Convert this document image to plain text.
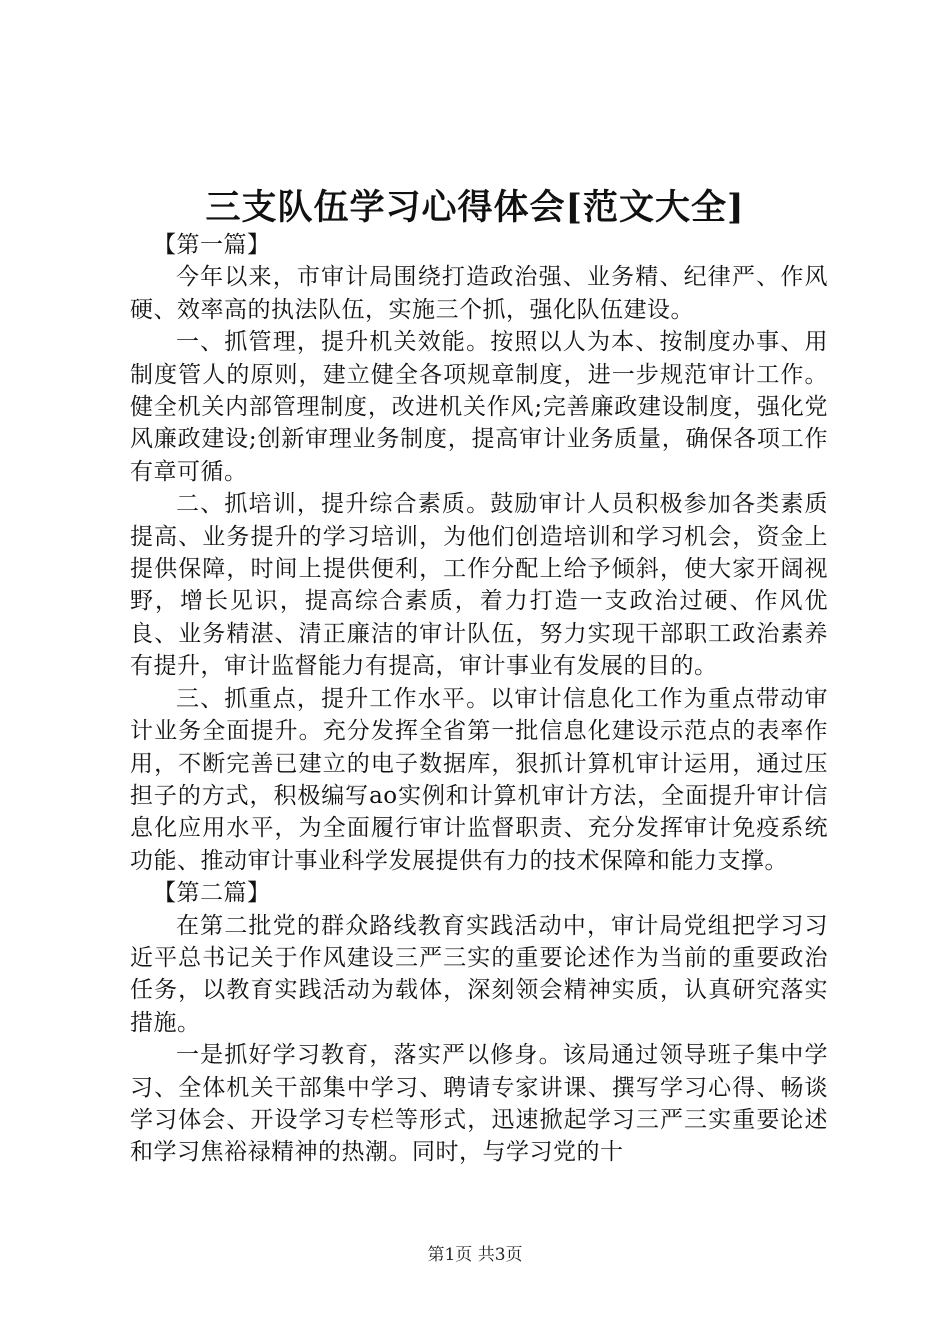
三支队伍学习心得体会[范文大全]

【第一篇】

今年以来，市审计局围绕打造政治强、业务精、纪律严、作风硬、效率高的执法队伍，实施三个抓，强化队伍建设。

一、抓管理，提升机关效能。按照以人为本、按制度办事、用制度管人的原则，建立健全各项规章制度，进一步规范审计工作。健全机关内部管理制度，改进机关作风;完善廉政建设制度，强化党风廉政建设;创新审理业务制度，提高审计业务质量，确保各项工作有章可循。

二、抓培训，提升综合素质。鼓励审计人员积极参加各类素质提高、业务提升的学习培训，为他们创造培训和学习机会，资金上提供保障，时间上提供便利，工作分配上给予倾斜，使大家开阔视野，增长见识，提高综合素质，着力打造一支政治过硬、作风优良、业务精湛、清正廉洁的审计队伍，努力实现干部职工政治素养有提升，审计监督能力有提高，审计事业有发展的目的。

三、抓重点，提升工作水平。以审计信息化工作为重点带动审计业务全面提升。充分发挥全省第一批信息化建设示范点的表率作用，不断完善已建立的电子数据库，狠抓计算机审计运用，通过压担子的方式，积极编写ao实例和计算机审计方法，全面提升审计信息化应用水平，为全面履行审计监督职责、充分发挥审计免疫系统功能、推动审计事业科学发展提供有力的技术保障和能力支撑。

【第二篇】

在第二批党的群众路线教育实践活动中，审计局党组把学习习近平总书记关于作风建设三严三实的重要论述作为当前的重要政治任务，以教育实践活动为载体，深刻领会精神实质，认真研究落实措施。

一是抓好学习教育，落实严以修身。该局通过领导班子集中学习、全体机关干部集中学习、聘请专家讲课、撰写学习心得、畅谈学习体会、开设学习专栏等形式，迅速掀起学习三严三实重要论述和学习焦裕禄精神的热潮。同时，与学习党的十

第1页 共3页
